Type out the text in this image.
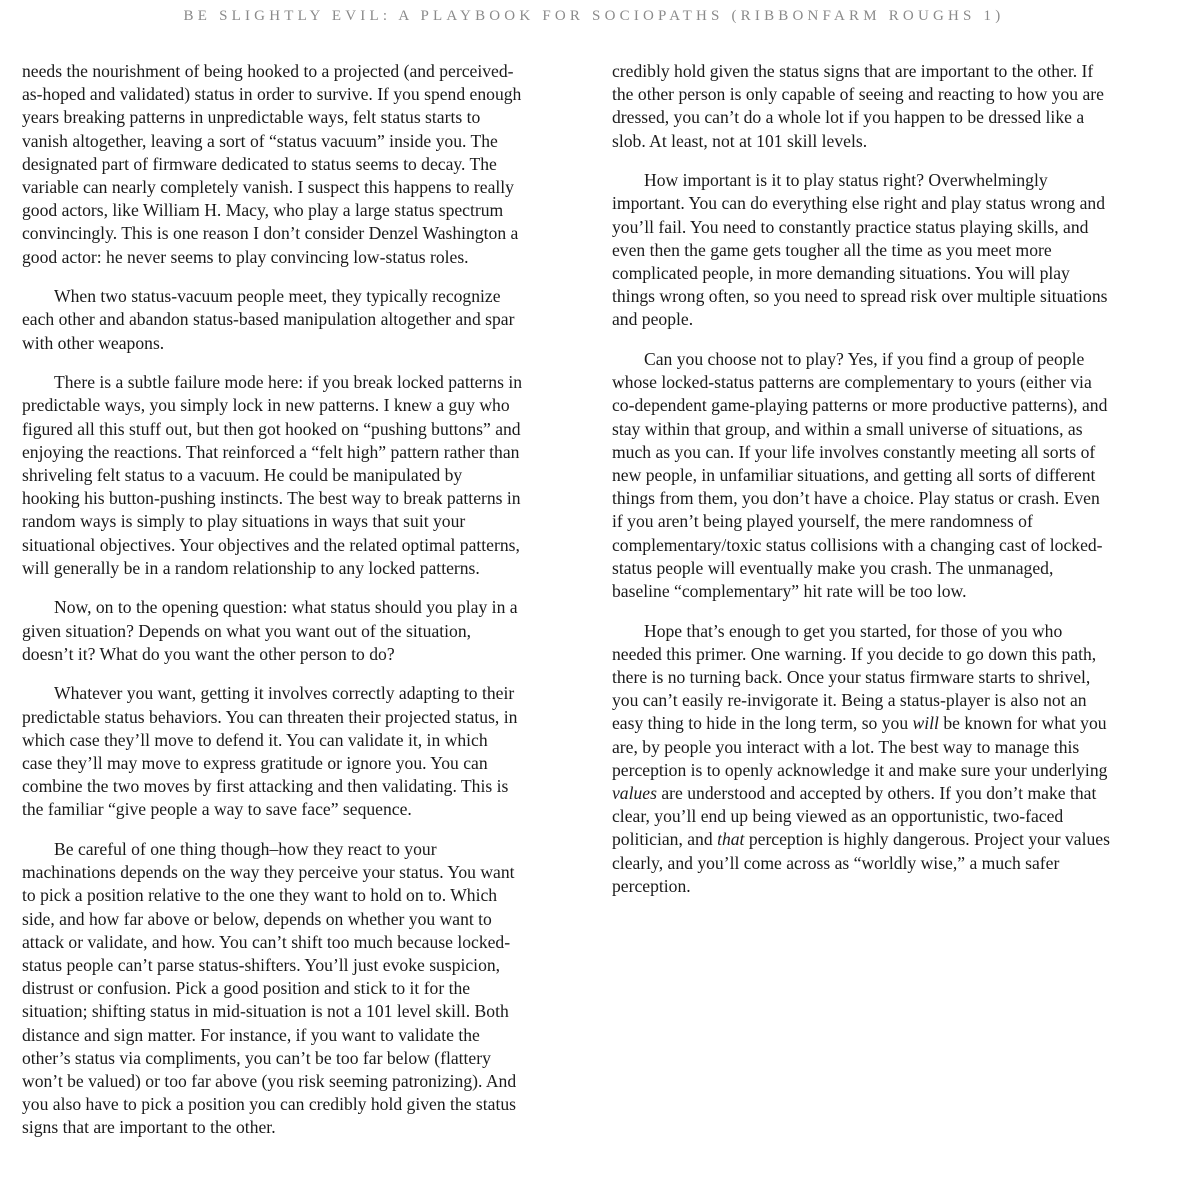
BE SLIGHTLY EVIL: A PLAYBOOK FOR SOCIOPATHS (RIBBONFARM ROUGHS 1)

needs the nourishment of being hooked to a projected (and perceived-as-hoped and validated) status in order to survive. If you spend enough years breaking patterns in unpredictable ways, felt status starts to vanish altogether, leaving a sort of “status vacuum” inside you. The designated part of firmware dedicated to status seems to decay. The variable can nearly completely vanish. I suspect this happens to really good actors, like William H. Macy, who play a large status spectrum convincingly. This is one reason I don’t consider Denzel Washington a good actor: he never seems to play convincing low-status roles.

When two status-vacuum people meet, they typically recognize each other and abandon status-based manipulation altogether and spar with other weapons.

There is a subtle failure mode here: if you break locked patterns in predictable ways, you simply lock in new patterns. I knew a guy who figured all this stuff out, but then got hooked on “pushing buttons” and enjoying the reactions. That reinforced a “felt high” pattern rather than shriveling felt status to a vacuum. He could be manipulated by hooking his button-pushing instincts. The best way to break patterns in random ways is simply to play situations in ways that suit your situational objectives. Your objectives and the related optimal patterns, will generally be in a random relationship to any locked patterns.

Now, on to the opening question: what status should you play in a given situation? Depends on what you want out of the situation, doesn’t it? What do you want the other person to do?

Whatever you want, getting it involves correctly adapting to their predictable status behaviors. You can threaten their projected status, in which case they’ll move to defend it. You can validate it, in which case they’ll may move to express gratitude or ignore you. You can combine the two moves by first attacking and then validating. This is the familiar “give people a way to save face” sequence.

Be careful of one thing though–how they react to your machinations depends on the way they perceive your status. You want to pick a position relative to the one they want to hold on to. Which side, and how far above or below, depends on whether you want to attack or validate, and how. You can’t shift too much because locked-status people can’t parse status-shifters. You’ll just evoke suspicion, distrust or confusion. Pick a good position and stick to it for the situation; shifting status in mid-situation is not a 101 level skill. Both distance and sign matter. For instance, if you want to validate the other’s status via compliments, you can’t be too far below (flattery won’t be valued) or too far above (you risk seeming patronizing). And you also have to pick a position you can credibly hold given the status signs that are important to the other.

credibly hold given the status signs that are important to the other. If the other person is only capable of seeing and reacting to how you are dressed, you can’t do a whole lot if you happen to be dressed like a slob. At least, not at 101 skill levels.

How important is it to play status right? Overwhelmingly important. You can do everything else right and play status wrong and you’ll fail. You need to constantly practice status playing skills, and even then the game gets tougher all the time as you meet more complicated people, in more demanding situations. You will play things wrong often, so you need to spread risk over multiple situations and people.

Can you choose not to play? Yes, if you find a group of people whose locked-status patterns are complementary to yours (either via co-dependent game-playing patterns or more productive patterns), and stay within that group, and within a small universe of situations, as much as you can. If your life involves constantly meeting all sorts of new people, in unfamiliar situations, and getting all sorts of different things from them, you don’t have a choice. Play status or crash. Even if you aren’t being played yourself, the mere randomness of complementary/toxic status collisions with a changing cast of locked-status people will eventually make you crash. The unmanaged, baseline “complementary” hit rate will be too low.

Hope that’s enough to get you started, for those of you who needed this primer. One warning. If you decide to go down this path, there is no turning back. Once your status firmware starts to shrivel, you can’t easily re-invigorate it. Being a status-player is also not an easy thing to hide in the long term, so you will be known for what you are, by people you interact with a lot. The best way to manage this perception is to openly acknowledge it and make sure your underlying values are understood and accepted by others. If you don’t make that clear, you’ll end up being viewed as an opportunistic, two-faced politician, and that perception is highly dangerous. Project your values clearly, and you’ll come across as “worldly wise,” a much safer perception.
